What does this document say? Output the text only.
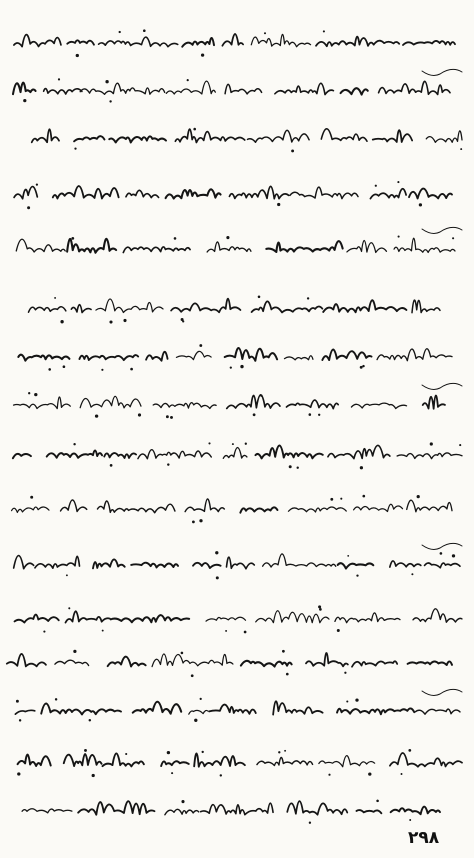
٢٩٨
